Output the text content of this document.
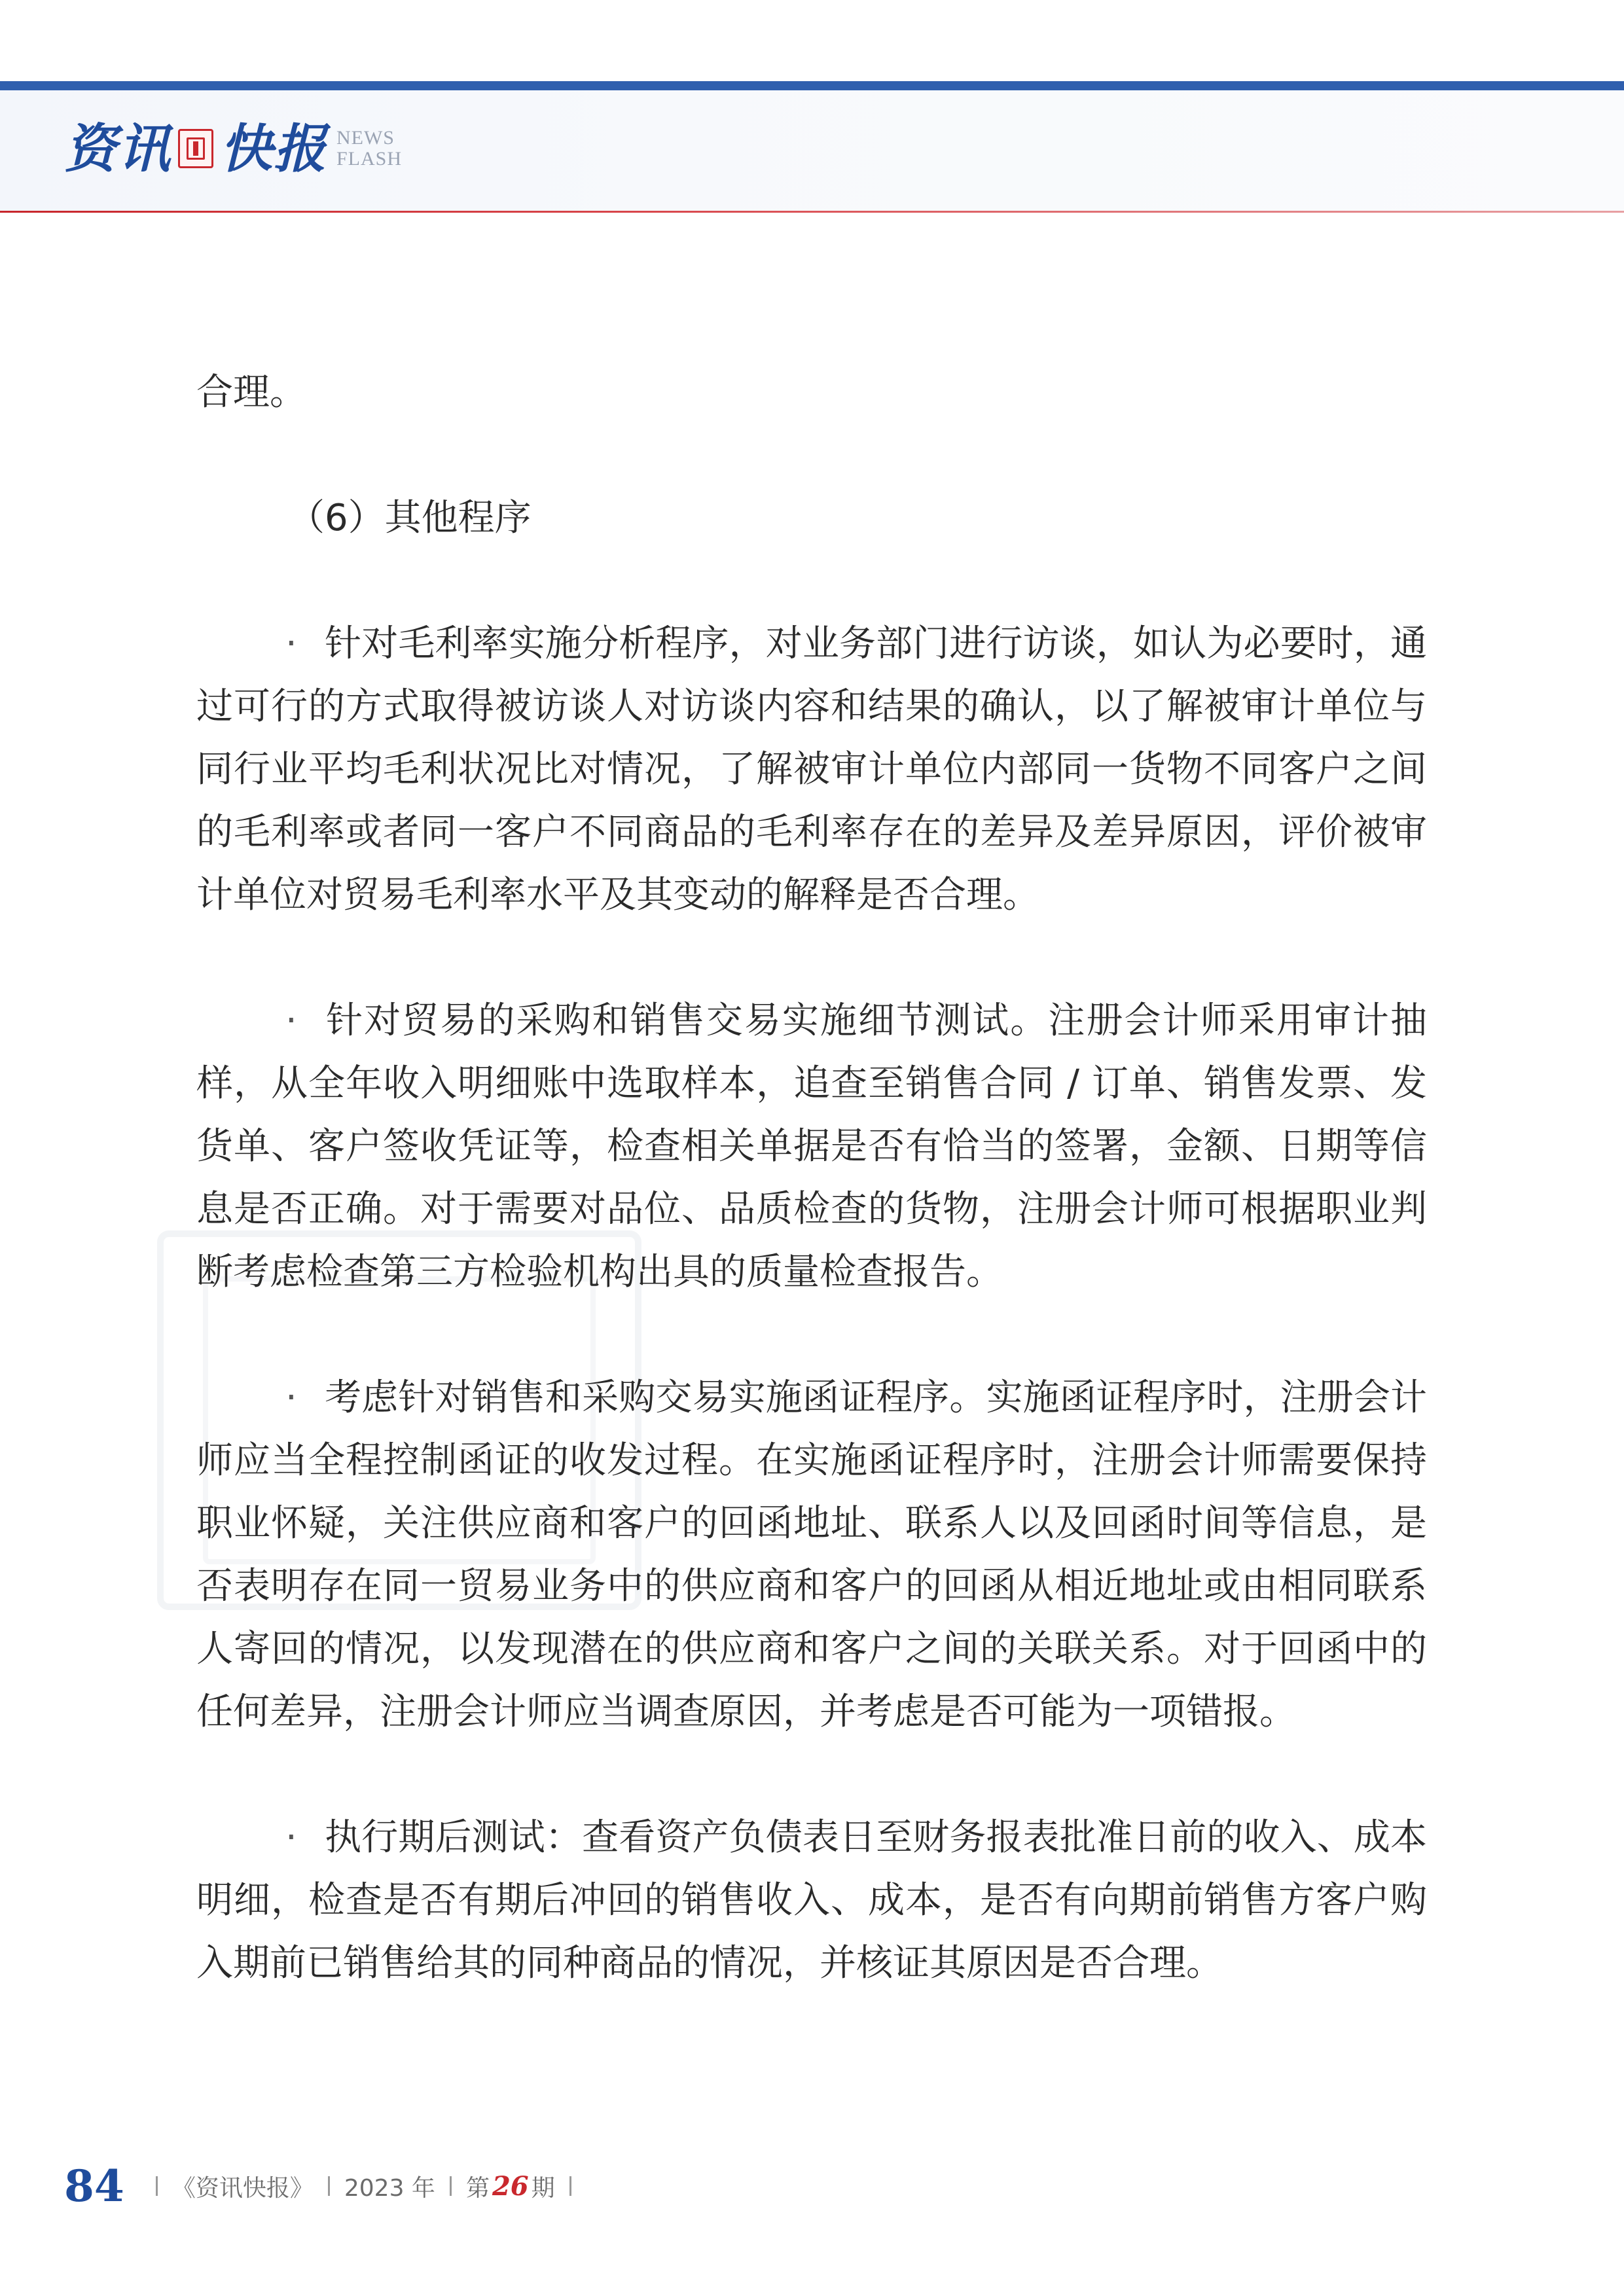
资讯 快报 NEWS
FLASH

合理。

（6）其他程序

· 针对毛利率实施分析程序，对业务部门进行访谈，如认为必要时，通过可行的方式取得被访谈人对访谈内容和结果的确认，以了解被审计单位与同行业平均毛利状况比对情况，了解被审计单位内部同一货物不同客户之间的毛利率或者同一客户不同商品的毛利率存在的差异及差异原因，评价被审计单位对贸易毛利率水平及其变动的解释是否合理。

· 针对贸易的采购和销售交易实施细节测试。注册会计师采用审计抽样，从全年收入明细账中选取样本，追查至销售合同 / 订单、销售发票、发货单、客户签收凭证等，检查相关单据是否有恰当的签署，金额、日期等信息是否正确。对于需要对品位、品质检查的货物，注册会计师可根据职业判断考虑检查第三方检验机构出具的质量检查报告。

· 考虑针对销售和采购交易实施函证程序。实施函证程序时，注册会计师应当全程控制函证的收发过程。在实施函证程序时，注册会计师需要保持职业怀疑，关注供应商和客户的回函地址、联系人以及回函时间等信息，是否表明存在同一贸易业务中的供应商和客户的回函从相近地址或由相同联系人寄回的情况，以发现潜在的供应商和客户之间的关联关系。对于回函中的任何差异，注册会计师应当调查原因，并考虑是否可能为一项错报。

· 执行期后测试：查看资产负债表日至财务报表批准日前的收入、成本明细，检查是否有期后冲回的销售收入、成本，是否有向期前销售方客户购入期前已销售给其的同种商品的情况，并核证其原因是否合理。

84 《资讯快报》 2023 年 第 26 期
